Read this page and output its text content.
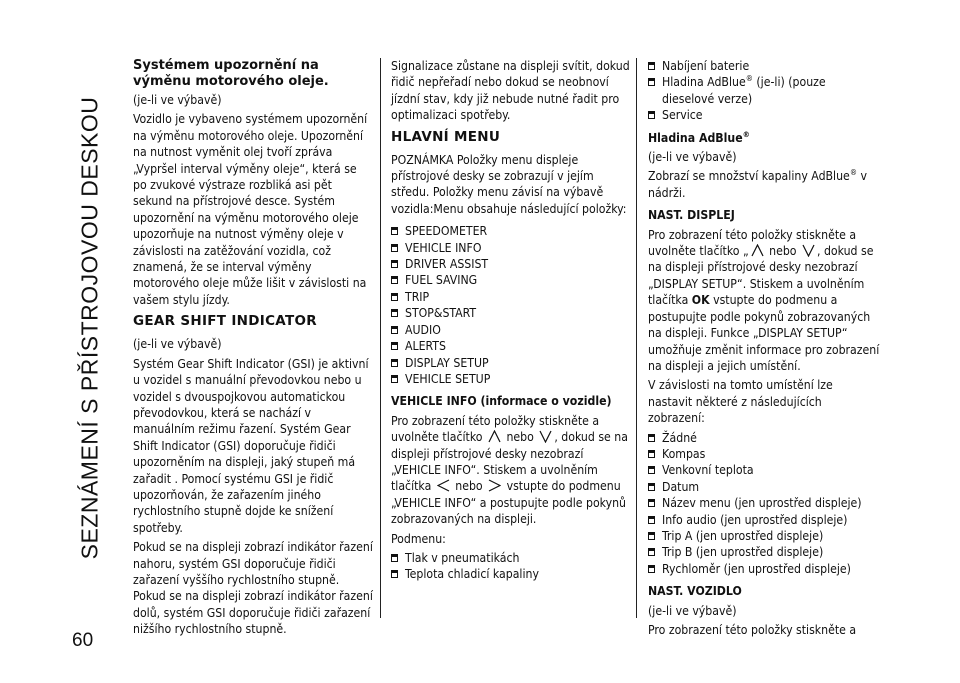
SEZNÁMENÍ S PŘÍSTROJOVOU DESKOU
60

Systémem upozornění na výměnu motorového oleje.

(je-li ve výbavě)

Vozidlo je vybaveno systémem upozornění na výměnu motorového oleje. Upozornění na nutnost vyměnit olej tvoří zpráva „Vypršel interval výměny oleje“, která se po zvukové výstraze rozbliká asi pět sekund na přístrojové desce. Systém upozornění na výměnu motorového oleje upozorňuje na nutnost výměny oleje v závislosti na zatěžování vozidla, což znamená, že se interval výměny motorového oleje může lišit v závislosti na vašem stylu jízdy.

GEAR SHIFT INDICATOR

(je-li ve výbavě)

Systém Gear Shift Indicator (GSI) je aktivní u vozidel s manuální převodovkou nebo u vozidel s dvouspojkovou automatickou převodovkou, která se nachází v manuálním režimu řazení. Systém Gear Shift Indicator (GSI) doporučuje řidiči upozorněním na displeji, jaký stupeň má zařadit . Pomocí systému GSI je řidič upozorňován, že zařazením jiného rychlostního stupně dojde ke snížení spotřeby.

Pokud se na displeji zobrazí indikátor řazení nahoru, systém GSI doporučuje řidiči zařazení vyššího rychlostního stupně. Pokud se na displeji zobrazí indikátor řazení dolů, systém GSI doporučuje řidiči zařazení nižšího rychlostního stupně.

Signalizace zůstane na displeji svítit, dokud řidič nepřeřadí nebo dokud se neobnoví jízdní stav, kdy již nebude nutné řadit pro optimalizaci spotřeby.

HLAVNÍ MENU

POZNÁMKA Položky menu displeje přístrojové desky se zobrazují v jejím středu. Položky menu závisí na výbavě vozidla:Menu obsahuje následující položky:

SPEEDOMETER
VEHICLE INFO
DRIVER ASSIST
FUEL SAVING
TRIP
STOP&START
AUDIO
ALERTS
DISPLAY SETUP
VEHICLE SETUP

VEHICLE INFO (informace o vozidle)

Pro zobrazení této položky stiskněte a uvolněte tlačítko nebo , dokud se na displeji přístrojové desky nezobrazí „VEHICLE INFO“. Stiskem a uvolněním tlačítka nebo vstupte do podmenu „VEHICLE INFO“ a postupujte podle pokynů zobrazovaných na displeji.

Podmenu:

Tlak v pneumatikách
Teplota chladicí kapaliny
Nabíjení baterie
Hladina AdBlue® (je-li) (pouze dieselové verze)
Service

Hladina AdBlue®

(je-li ve výbavě)

Zobrazí se množství kapaliny AdBlue® v nádrži.

NAST. DISPLEJ

Pro zobrazení této položky stiskněte a uvolněte tlačítko „ nebo , dokud se na displeji přístrojové desky nezobrazí „DISPLAY SETUP“. Stiskem a uvolněním tlačítka OK vstupte do podmenu a postupujte podle pokynů zobrazovaných na displeji. Funkce „DISPLAY SETUP“ umožňuje změnit informace pro zobrazení na displeji a jejich umístění.

V závislosti na tomto umístění lze nastavit některé z následujících zobrazení:

Žádné
Kompas
Venkovní teplota
Datum
Název menu (jen uprostřed displeje)
Info audio (jen uprostřed displeje)
Trip A (jen uprostřed displeje)
Trip B (jen uprostřed displeje)
Rychloměr (jen uprostřed displeje)

NAST. VOZIDLO

(je-li ve výbavě)

Pro zobrazení této položky stiskněte a
